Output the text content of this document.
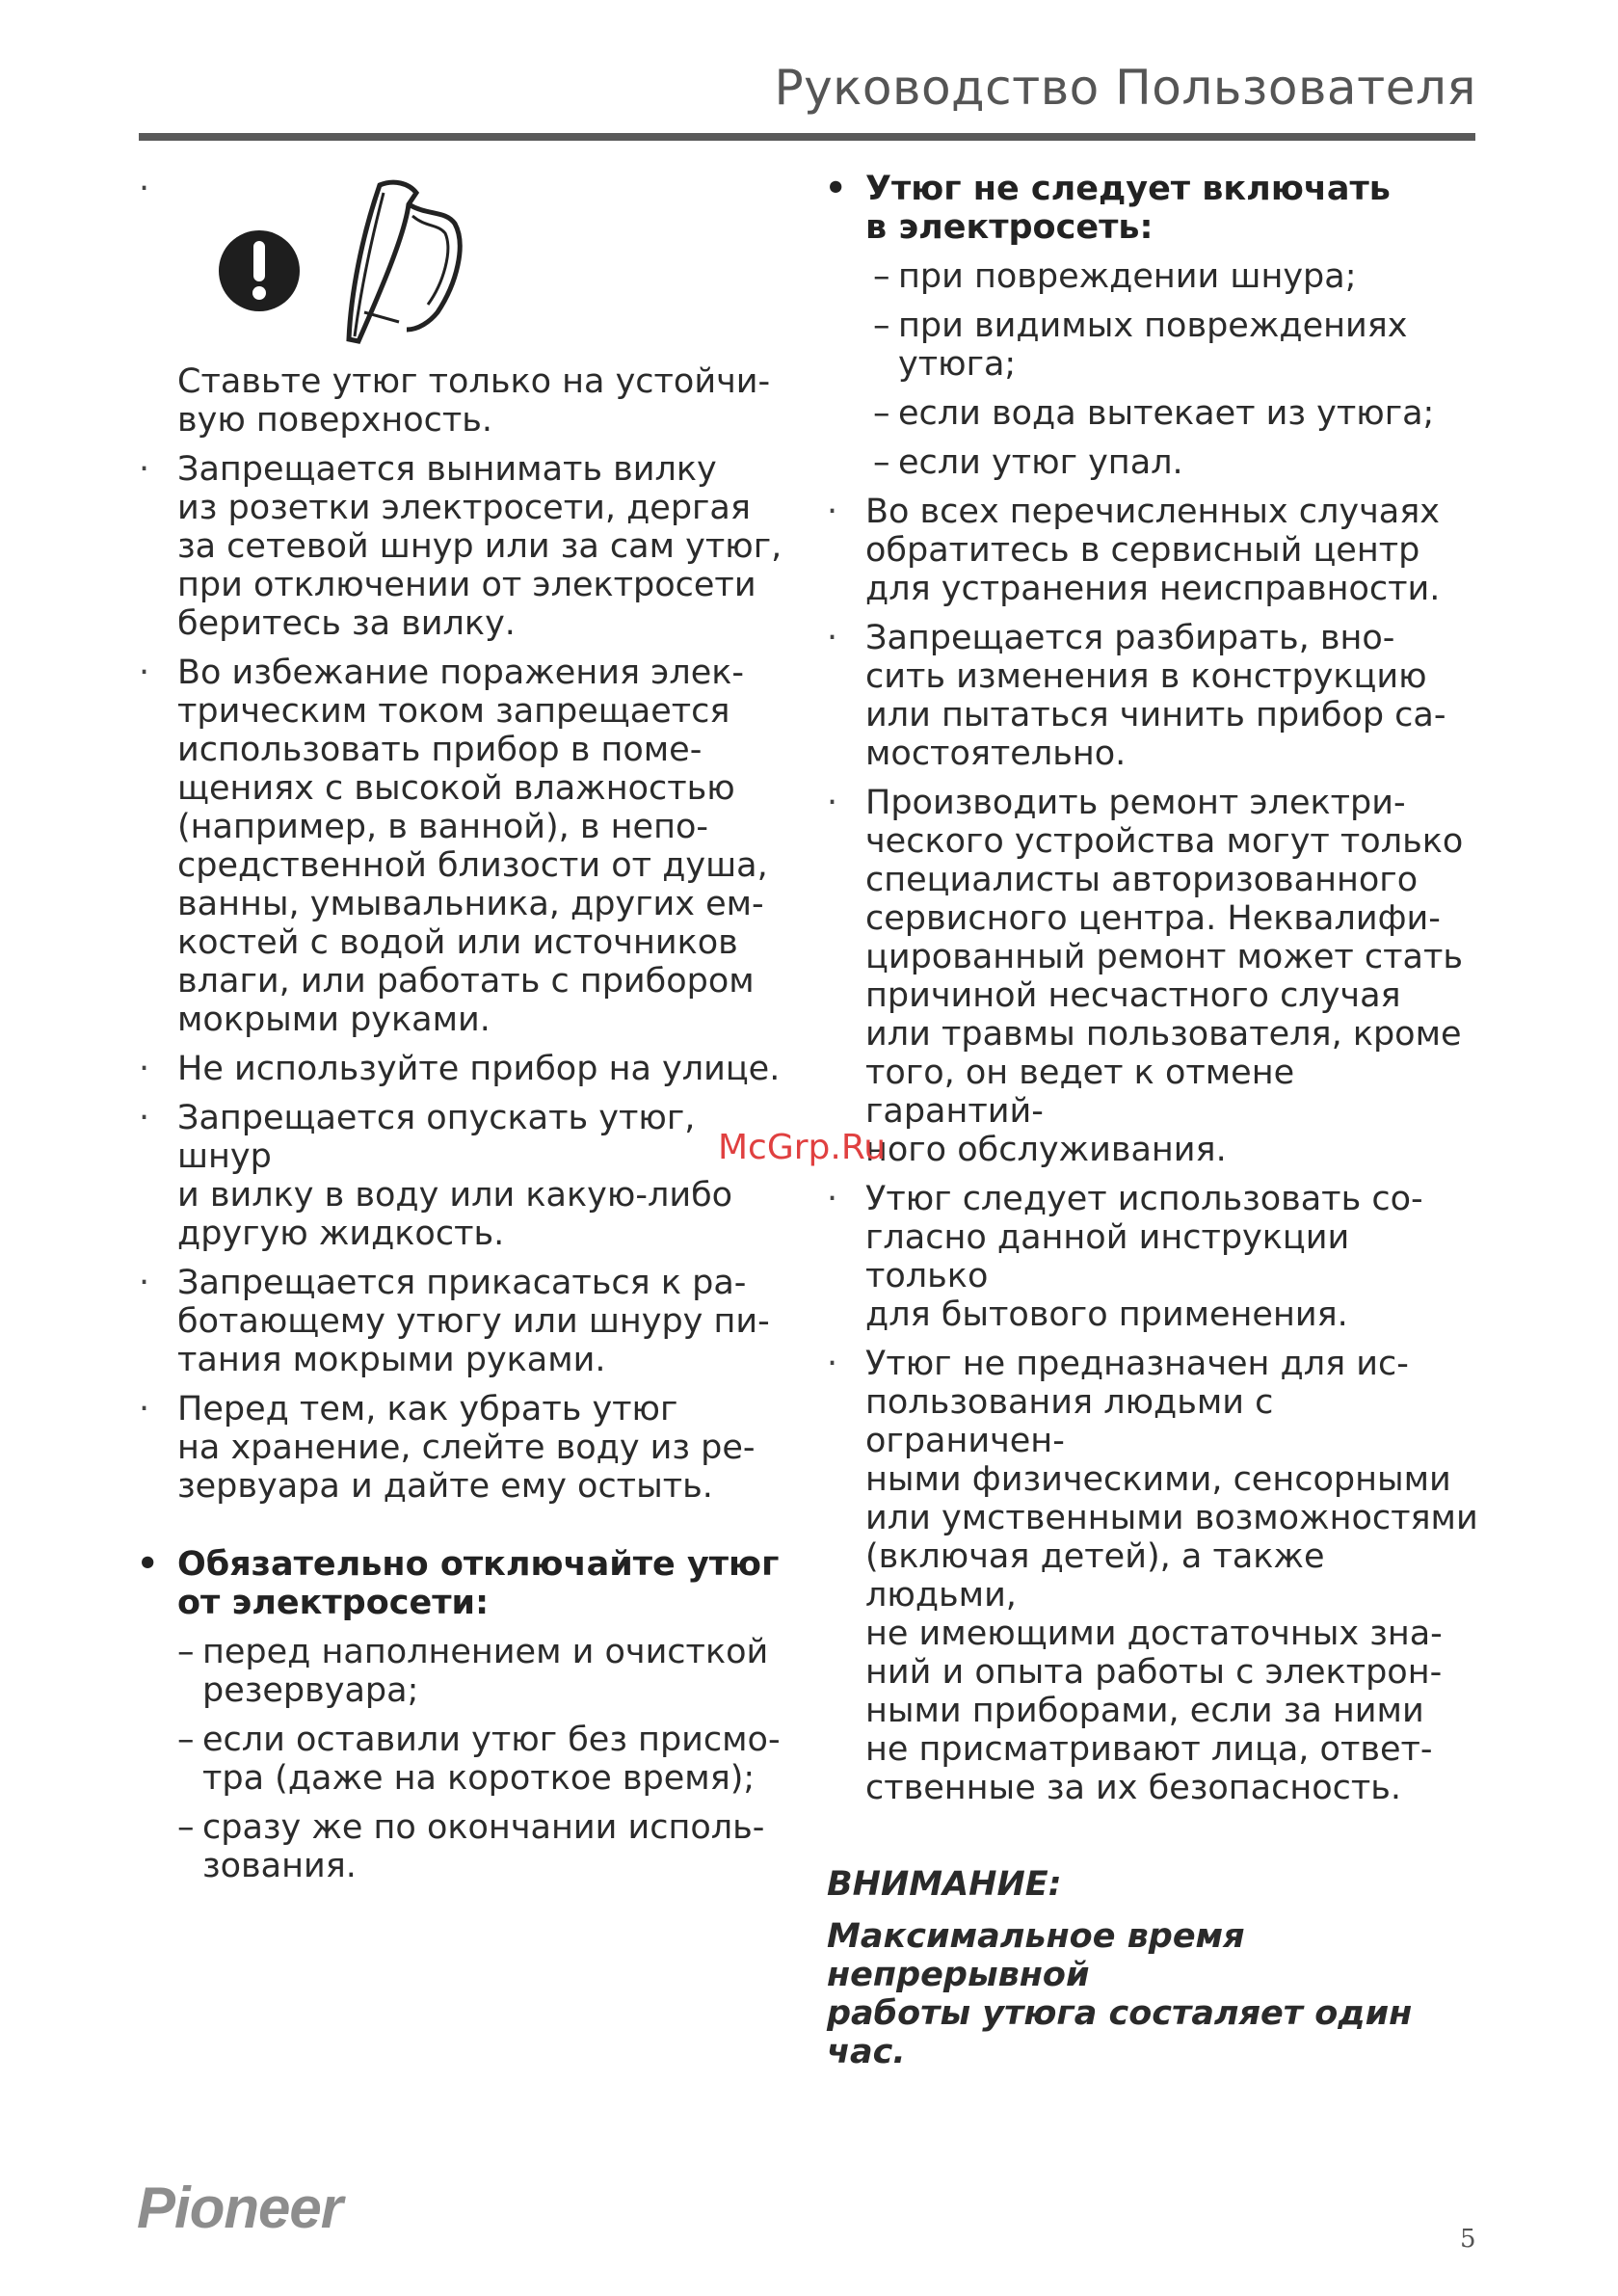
Руководство Пользователя
·
Ставьте утюг только на устойчи-
вую поверхность.
· Запрещается вынимать вилку
из розетки электросети, дергая
за сетевой шнур или за сам утюг,
при отключении от электросети
беритесь за вилку.
· Во избежание поражения элек-
трическим током запрещается
использовать прибор в поме-
щениях с высокой влажностью
(например, в ванной), в непо-
средственной близости от душа,
ванны, умывальника, других ем-
костей с водой или источников
влаги, или работать с прибором
мокрыми руками.
· Не используйте прибор на улице.
· Запрещается опускать утюг, шнур
и вилку в воду или какую-либо
другую жидкость.
· Запрещается прикасаться к ра-
ботающему утюгу или шнуру пи-
тания мокрыми руками.
· Перед тем, как убрать утюг
на хранение, слейте воду из ре-
зервуара и дайте ему остыть.
• Обязательно отключайте утюг
от электросети:
– перед наполнением и очисткой
резервуара;
– если оставили утюг без присмо-
тра (даже на короткое время);
– сразу же по окончании исполь-
зования.
• Утюг не следует включать
в электросеть:
– при повреждении шнура;
– при видимых повреждениях
утюга;
– если вода вытекает из утюга;
– если утюг упал.
· Во всех перечисленных случаях
обратитесь в сервисный центр
для устранения неисправности.
· Запрещается разбирать, вно-
сить изменения в конструкцию
или пытаться чинить прибор са-
мостоятельно.
· Производить ремонт электри-
ческого устройства могут только
специалисты авторизованного
сервисного центра. Неквалифи-
цированный ремонт может стать
причиной несчастного случая
или травмы пользователя, кроме
того, он ведет к отмене гарантий-
ного обслуживания.
· Утюг следует использовать со-
гласно данной инструкции только
для бытового применения.
· Утюг не предназначен для ис-
пользования людьми с ограничен-
ными физическими, сенсорными
или умственными возможностями
(включая детей), а также людьми,
не имеющими достаточных зна-
ний и опыта работы с электрон-
ными приборами, если за ними
не присматривают лица, ответ-
ственные за их безопасность.
ВНИМАНИЕ:
Максимальное время непрерывной
работы утюга состаляет один час.
McGrp.Ru
Pioneer	5
